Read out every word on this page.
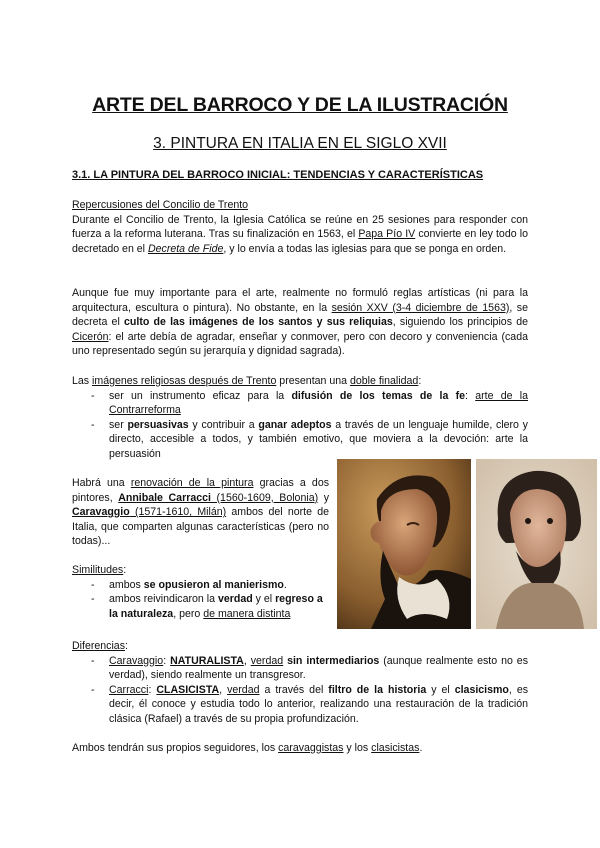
ARTE DEL BARROCO Y DE LA ILUSTRACIÓN
3. PINTURA EN ITALIA EN EL SIGLO XVII
3.1. LA PINTURA DEL BARROCO INICIAL: TENDENCIAS Y CARACTERÍSTICAS
Repercusiones del Concilio de Trento
Durante el Concilio de Trento, la Iglesia Católica se reúne en 25 sesiones para responder con fuerza a la reforma luterana. Tras su finalización en 1563, el Papa Pío IV convierte en ley todo lo decretado en el Decreta de Fide, y lo envía a todas las iglesias para que se ponga en orden.
Aunque fue muy importante para el arte, realmente no formuló reglas artísticas (ni para la arquitectura, escultura o pintura). No obstante, en la sesión XXV (3-4 diciembre de 1563), se decreta el culto de las imágenes de los santos y sus reliquias, siguiendo los principios de Cicerón: el arte debía de agradar, enseñar y conmover, pero con decoro y conveniencia (cada uno representado según su jerarquía y dignidad sagrada).
Las imágenes religiosas después de Trento presentan una doble finalidad:
- ser un instrumento eficaz para la difusión de los temas de la fe: arte de la Contrarreforma
- ser persuasivas y contribuir a ganar adeptos a través de un lenguaje humilde, clero y directo, accesible a todos, y también emotivo, que moviera a la devoción: arte la persuasión
Habrá una renovación de la pintura gracias a dos pintores, Annibale Carracci (1560-1609, Bolonia) y Caravaggio (1571-1610, Milán) ambos del norte de Italia, que comparten algunas características (pero no todas)...
Similitudes:
- ambos se opusieron al manierismo.
- ambos reivindicaron la verdad y el regreso a la naturaleza, pero de manera distinta
Diferencias:
- Caravaggio: NATURALISTA, verdad sin intermediarios (aunque realmente esto no es verdad), siendo realmente un transgresor.
- Carracci: CLASICISTA, verdad a través del filtro de la historia y el clasicismo, es decir, él conoce y estudia todo lo anterior, realizando una restauración de la tradición clásica (Rafael) a través de su propia profundización.
Ambos tendrán sus propios seguidores, los caravaggistas y los clasicistas.
